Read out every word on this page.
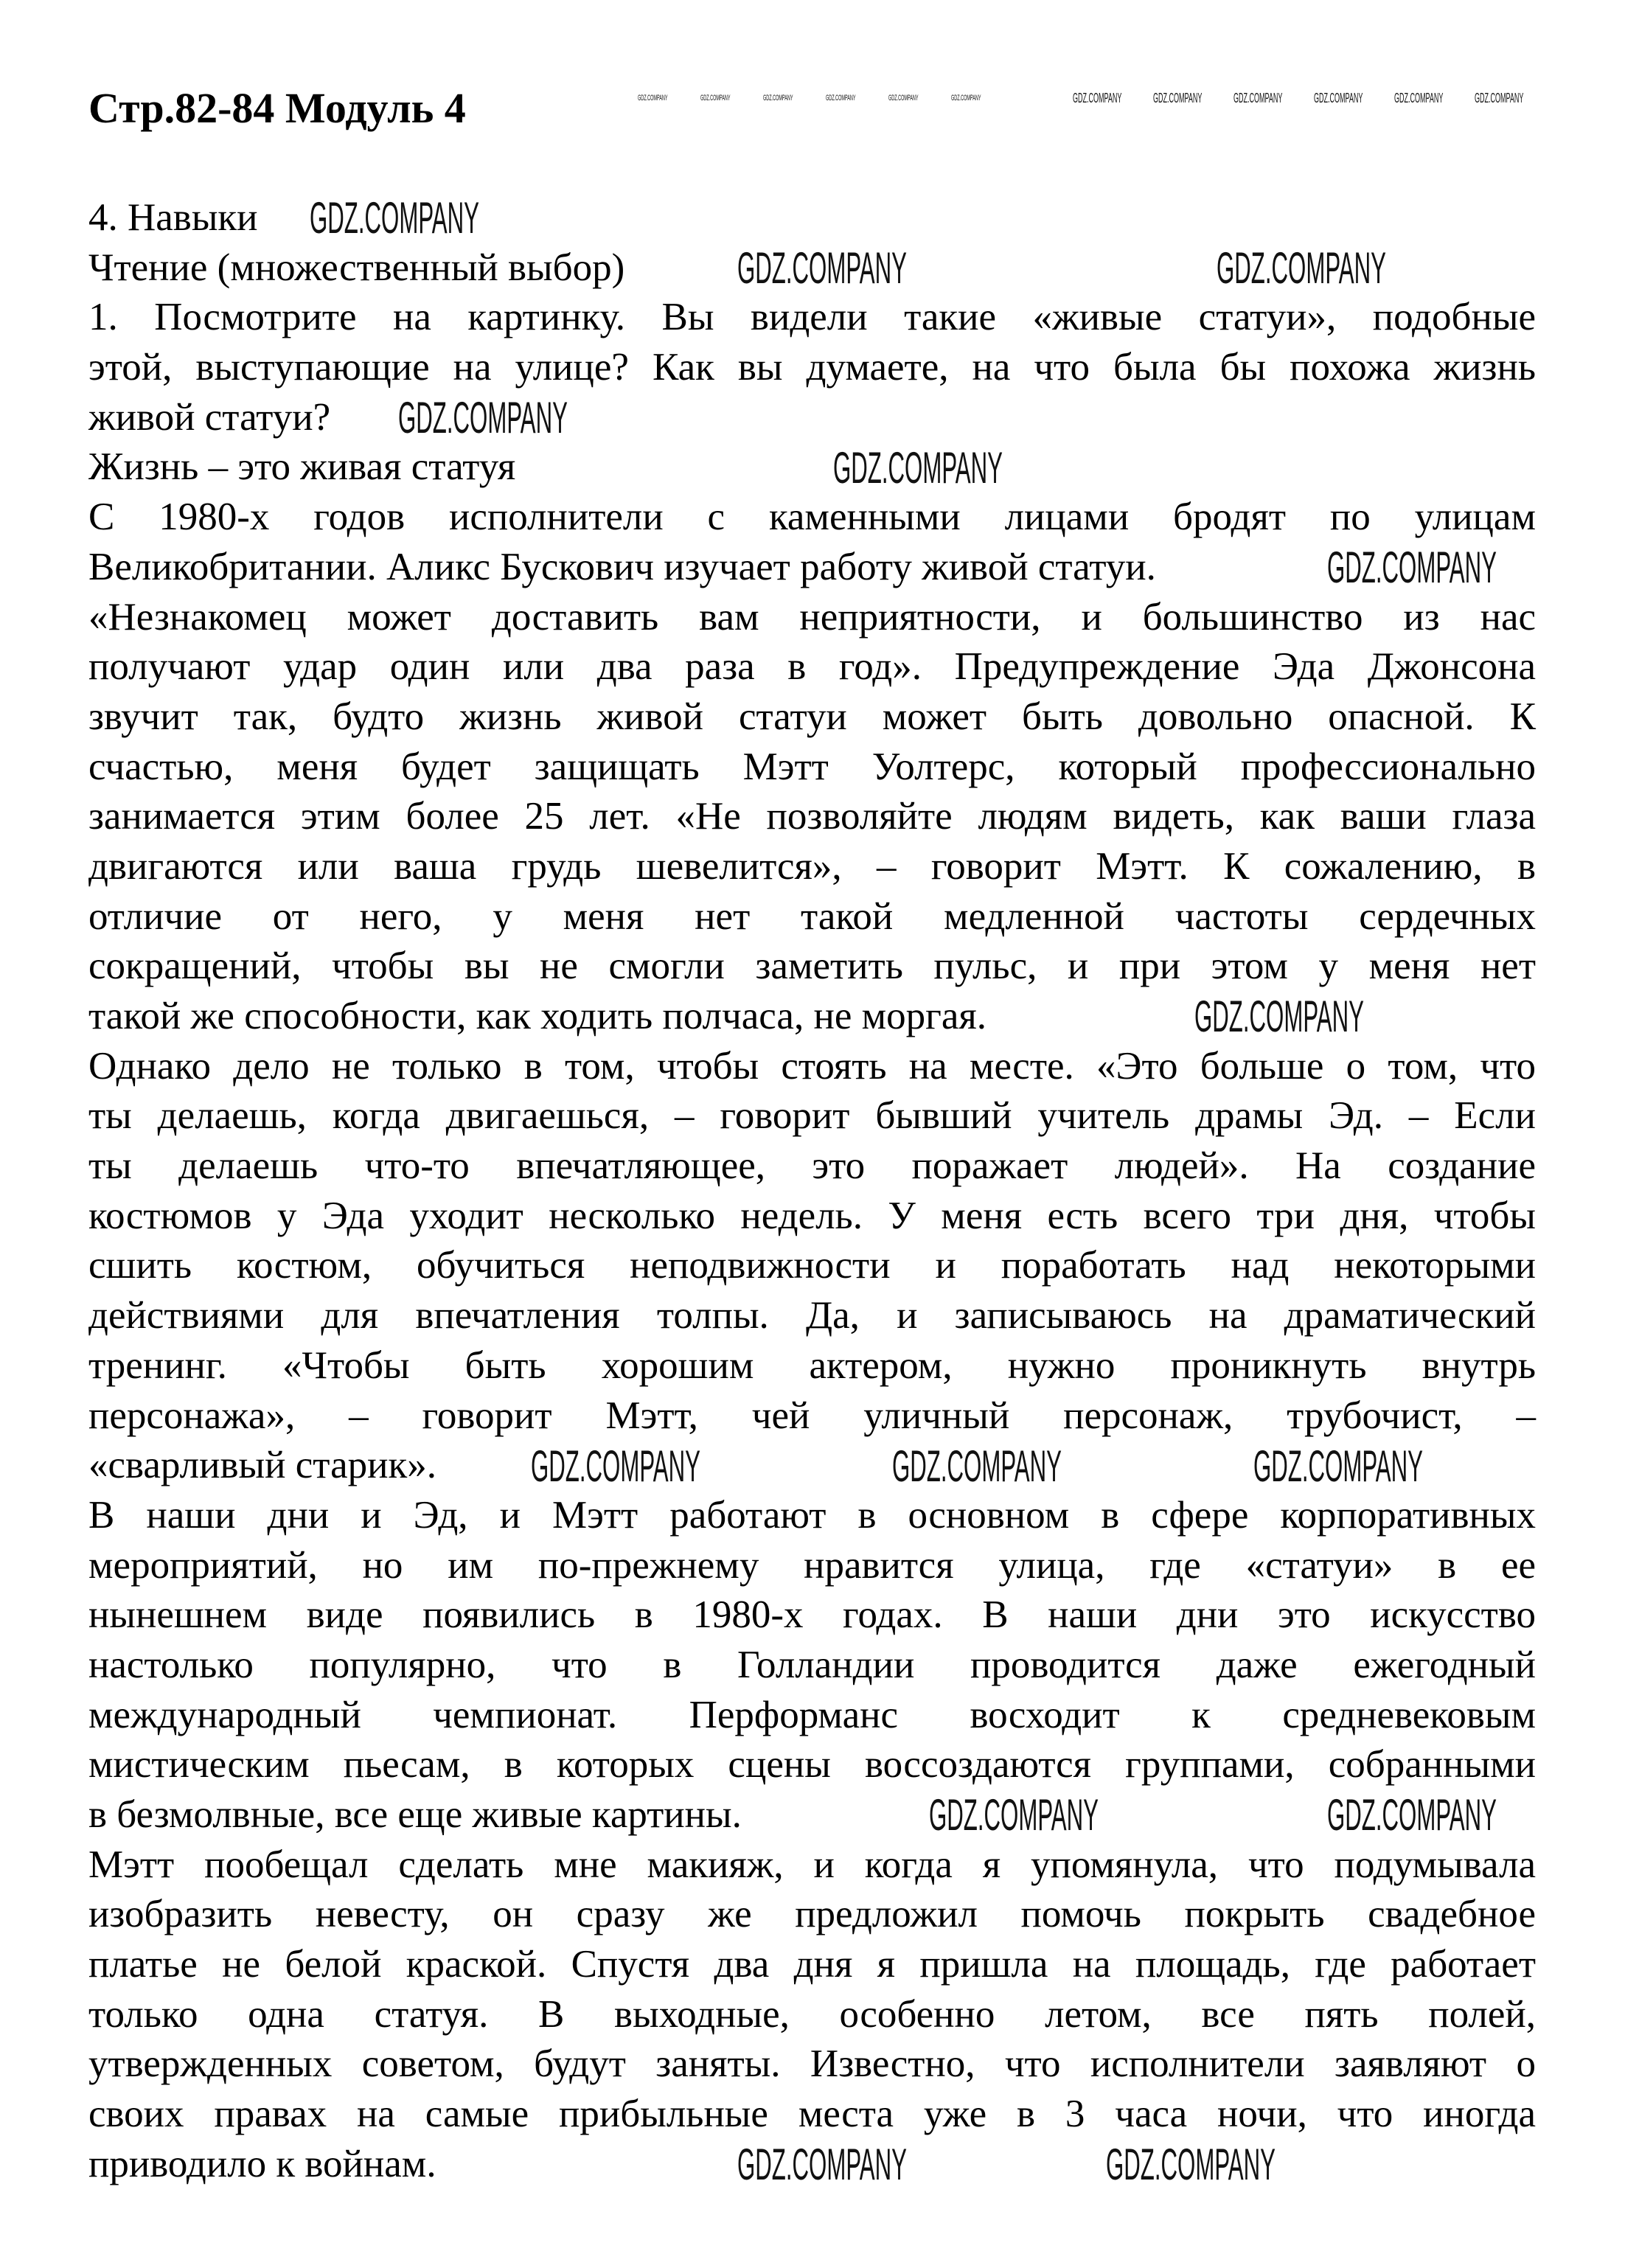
Стр.82-84 Модуль 4
4. Навыки
Чтение (множественный выбор)
1. Посмотрите на картинку. Вы видели такие «живые статуи», подобные
этой, выступающие на улице? Как вы думаете, на что была бы похожа жизнь
живой статуи?
Жизнь – это живая статуя
С 1980-х годов исполнители с каменными лицами бродят по улицам
Великобритании. Аликс Бускович изучает работу живой статуи.
«Незнакомец может доставить вам неприятности, и большинство из нас
получают удар один или два раза в год». Предупреждение Эда Джонсона
звучит так, будто жизнь живой статуи может быть довольно опасной. К
счастью, меня будет защищать Мэтт Уолтерс, который профессионально
занимается этим более 25 лет. «Не позволяйте людям видеть, как ваши глаза
двигаются или ваша грудь шевелится», – говорит Мэтт. К сожалению, в
отличие от него, у меня нет такой медленной частоты сердечных
сокращений, чтобы вы не смогли заметить пульс, и при этом у меня нет
такой же способности, как ходить полчаса, не моргая.
Однако дело не только в том, чтобы стоять на месте. «Это больше о том, что
ты делаешь, когда двигаешься, – говорит бывший учитель драмы Эд. – Если
ты делаешь что-то впечатляющее, это поражает людей». На создание
костюмов у Эда уходит несколько недель. У меня есть всего три дня, чтобы
сшить костюм, обучиться неподвижности и поработать над некоторыми
действиями для впечатления толпы. Да, и записываюсь на драматический
тренинг. «Чтобы быть хорошим актером, нужно проникнуть внутрь
персонажа», – говорит Мэтт, чей уличный персонаж, трубочист, –
«сварливый старик».
В наши дни и Эд, и Мэтт работают в основном в сфере корпоративных
мероприятий, но им по-прежнему нравится улица, где «статуи» в ее
нынешнем виде появились в 1980-х годах. В наши дни это искусство
настолько популярно, что в Голландии проводится даже ежегодный
международный чемпионат. Перформанс восходит к средневековым
мистическим пьесам, в которых сцены воссоздаются группами, собранными
в безмолвные, все еще живые картины.
Мэтт пообещал сделать мне макияж, и когда я упомянула, что подумывала
изобразить невесту, он сразу же предложил помочь покрыть свадебное
платье не белой краской. Спустя два дня я пришла на площадь, где работает
только одна статуя. В выходные, особенно летом, все пять полей,
утвержденных советом, будут заняты. Известно, что исполнители заявляют о
своих правах на самые прибыльные места уже в 3 часа ночи, что иногда
приводило к войнам.
GDZ.COMPANY	GDZ.COMPANY	GDZ.COMPANY	GDZ.COMPANY	GDZ.COMPANY	GDZ.COMPANY	GDZ.COMPANY GDZ.COMPANY GDZ.COMPANY GDZ.COMPANY GDZ.COMPANY GDZ.COMPANY
GDZ.COMPANY
GDZ.COMPANY	GDZ.COMPANY
GDZ.COMPANY
GDZ.COMPANY
GDZ.COMPANY
GDZ.COMPANY
GDZ.COMPANY	GDZ.COMPANY	GDZ.COMPANY
GDZ.COMPANY	GDZ.COMPANY
GDZ.COMPANY	GDZ.COMPANY
